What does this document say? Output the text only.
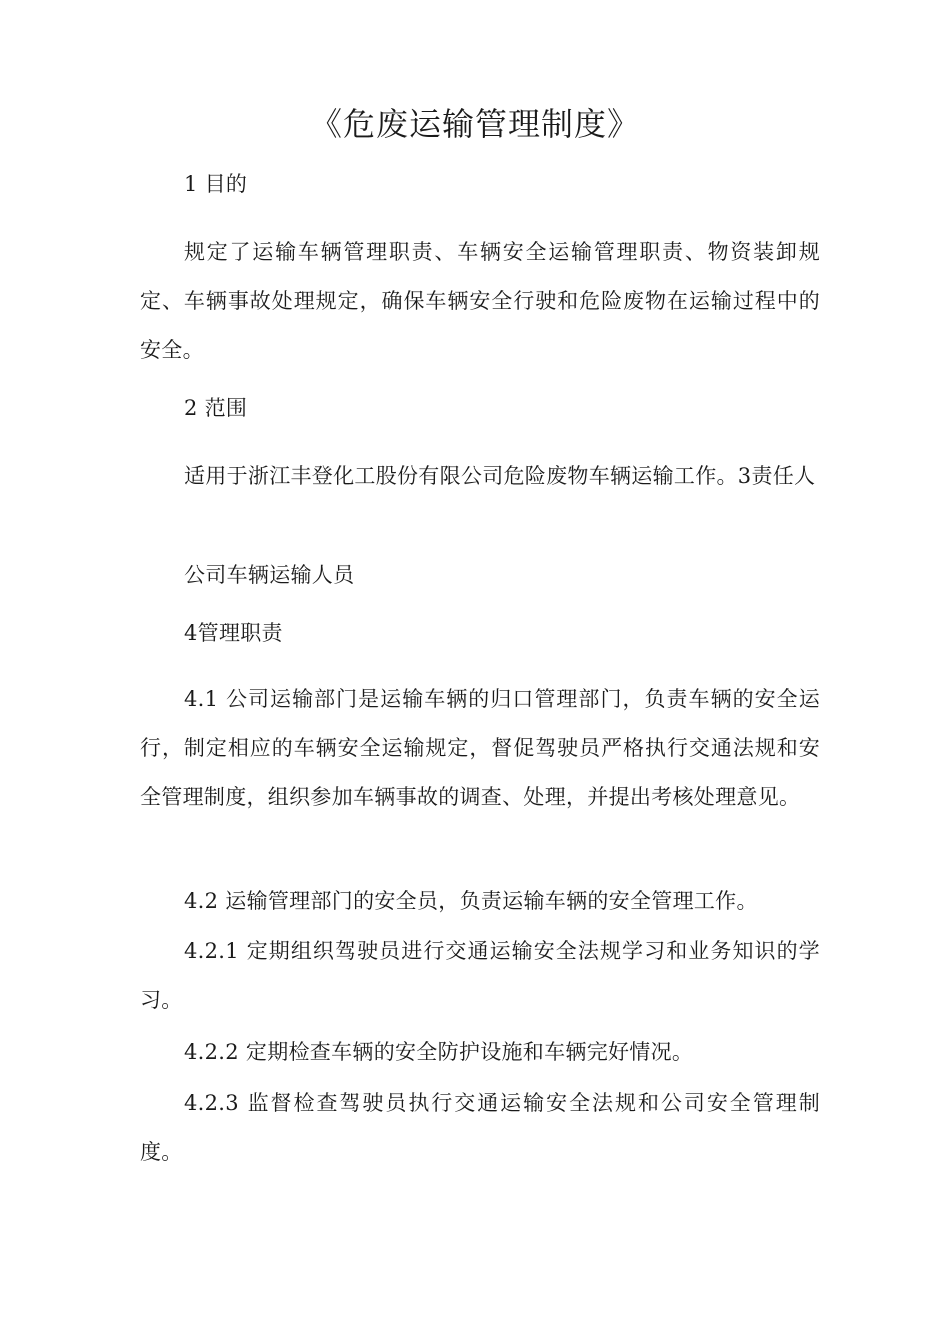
《危废运输管理制度》

1 目的

规定了运输车辆管理职责、车辆安全运输管理职责、物资装卸规定、车辆事故处理规定，确保车辆安全行驶和危险废物在运输过程中的安全。

2 范围

适用于浙江丰登化工股份有限公司危险废物车辆运输工作。3责任人

公司车辆运输人员

4管理职责

4.1 公司运输部门是运输车辆的归口管理部门，负责车辆的安全运行，制定相应的车辆安全运输规定，督促驾驶员严格执行交通法规和安全管理制度，组织参加车辆事故的调查、处理，并提出考核处理意见。

4.2 运输管理部门的安全员，负责运输车辆的安全管理工作。

4.2.1 定期组织驾驶员进行交通运输安全法规学习和业务知识的学习。

4.2.2 定期检查车辆的安全防护设施和车辆完好情况。

4.2.3 监督检查驾驶员执行交通运输安全法规和公司安全管理制度。
